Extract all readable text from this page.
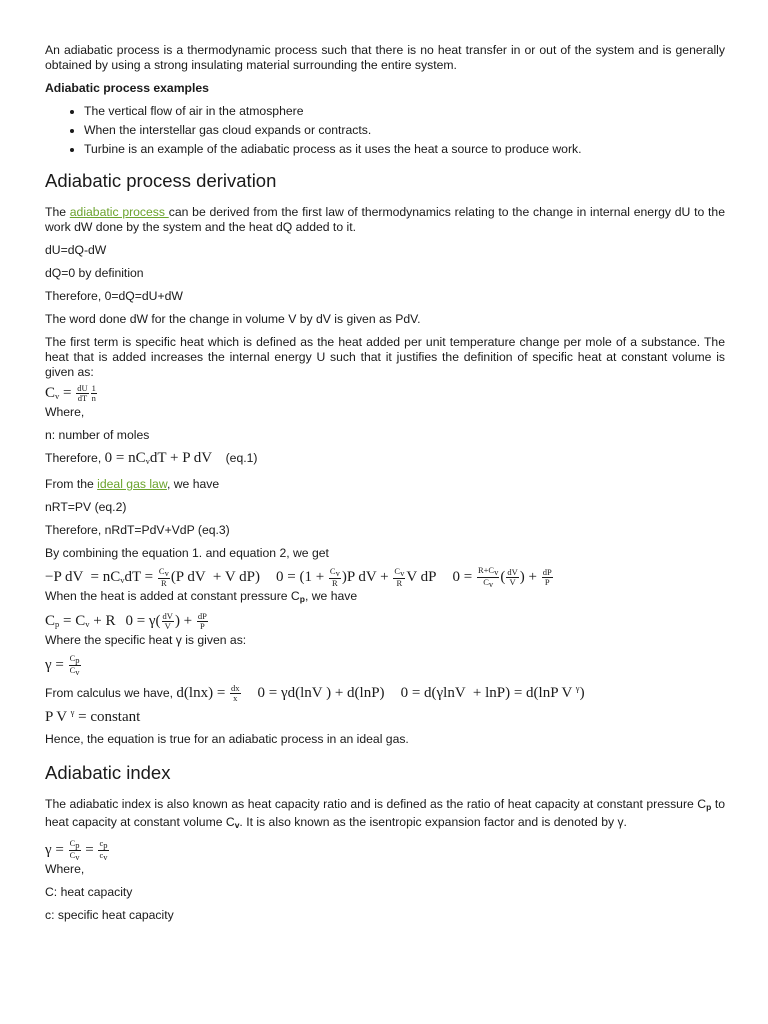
An adiabatic process is a thermodynamic process such that there is no heat transfer in or out of the system and is generally obtained by using a strong insulating material surrounding the entire system.

Adiabatic process examples

• The vertical flow of air in the atmosphere
• When the interstellar gas cloud expands or contracts.
• Turbine is an example of the adiabatic process as it uses the heat a source to produce work.
Adiabatic process derivation

The adiabatic process can be derived from the first law of thermodynamics relating to the change in internal energy dU to the work dW done by the system and the heat dQ added to it.

dU=dQ-dW

dQ=0 by definition

Therefore, 0=dQ=dU+dW

The word done dW for the change in volume V by dV is given as PdV.

The first term is specific heat which is defined as the heat added per unit temperature change per mole of a substance. The heat that is added increases the internal energy U such that it justifies the definition of specific heat at constant volume is given as:

$C_v = \frac{dU}{dT} \frac{1}{n}$

Where,

n: number of moles

Therefore, $0 = nC_vdT + P$ dV (eq.1)

From the ideal gas law, we have

nRT=PV (eq.2)

Therefore, nRdT=PdV+VdP (eq.3)

By combining the equation 1. and equation 2, we get

−P dV  = $nC_vdT = \frac{Cv}{R} (P$ dV  + V dP) $0 = (1 + \frac{Cv}{R} )P$ dV + $\frac{Cv}{R}$ V dP $0 = \frac{R+Cv}{Cv}$ ( $\frac{dV}{V}$ ) + $\frac{dP}{P}$

When the heat is added at constant pressure Cp, we have

$C_p = C_v + R$ $0 = \gamma( \frac{dV}{V}$ ) + $\frac{dP}{P}$

Where the specific heat γ is given as:

$\gamma = \frac{Cp}{Cv}$
From calculus we have, $d(\ln x) = \frac{dx}{x} 0 = \gamma d(\ln V$ ) + d(lnP) 0 = d(γlnV  + lnP) = d(lnP V $^\gamma$)
P V $^\gamma$ = constant

Hence, the equation is true for an adiabatic process in an ideal gas.

Adiabatic index

The adiabatic index is also known as heat capacity ratio and is defined as the ratio of heat capacity at constant pressure Cp to heat capacity at constant volume Cv. It is also known as the isentropic expansion factor and is denoted by γ.

$\gamma = \frac{Cp}{Cv} = \frac{cp}{cv}$

Where,

C: heat capacity

c: specific heat capacity
